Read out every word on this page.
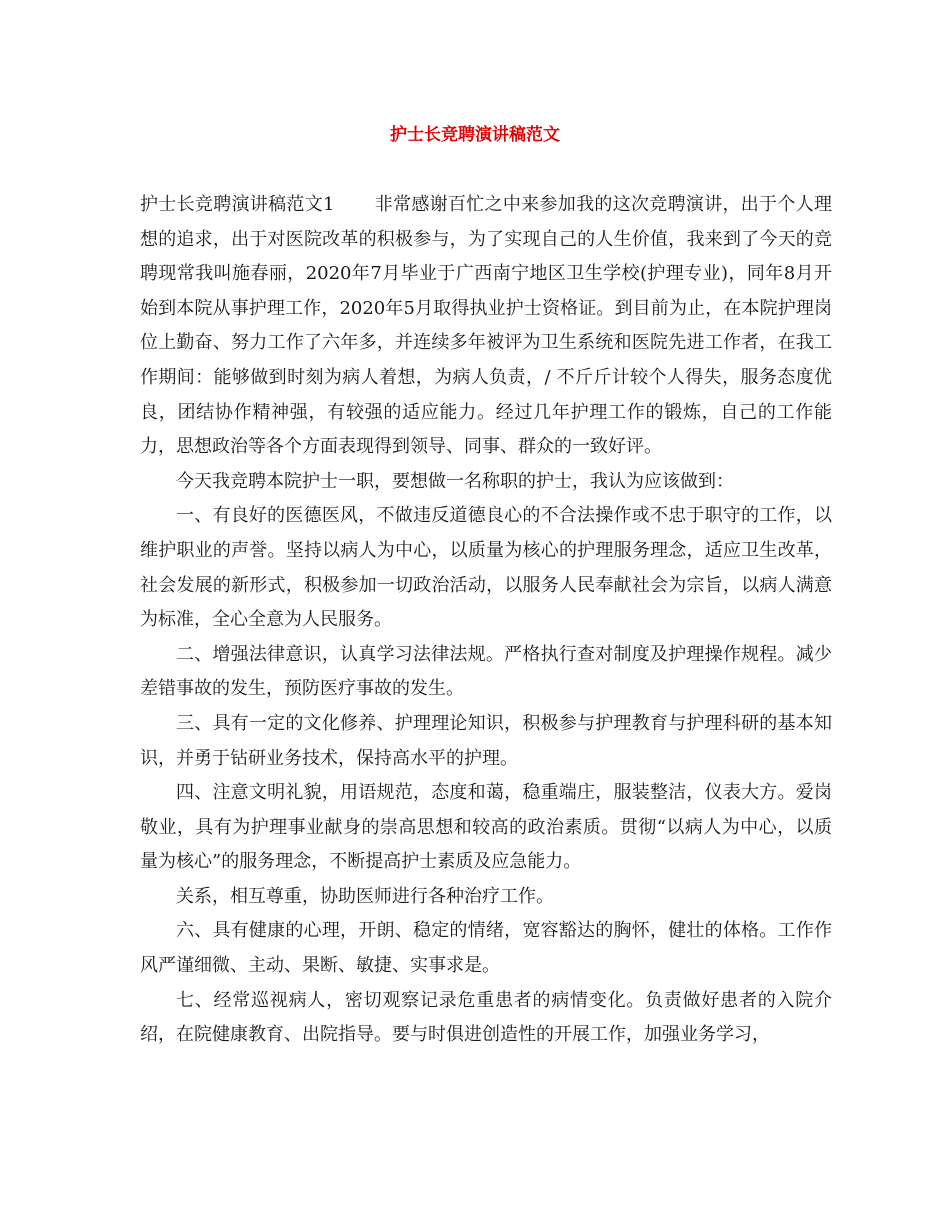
护士长竞聘演讲稿范文

护士长竞聘演讲稿范文1 非常感谢百忙之中来参加我的这次竞聘演讲，出于个人理想的追求，出于对医院改革的积极参与，为了实现自己的人生价值，我来到了今天的竞聘现常我叫施春丽，2020年7月毕业于广西南宁地区卫生学校(护理专业)，同年8月开始到本院从事护理工作，2020年5月取得执业护士资格证。到目前为止，在本院护理岗位上勤奋、努力工作了六年多，并连续多年被评为卫生系统和医院先进工作者，在我工作期间：能够做到时刻为病人着想，为病人负责，/ 不斤斤计较个人得失，服务态度优良，团结协作精神强，有较强的适应能力。经过几年护理工作的锻炼，自己的工作能力，思想政治等各个方面表现得到领导、同事、群众的一致好评。

今天我竞聘本院护士一职，要想做一名称职的护士，我认为应该做到：

一、有良好的医德医风，不做违反道德良心的不合法操作或不忠于职守的工作，以维护职业的声誉。坚持以病人为中心，以质量为核心的护理服务理念，适应卫生改革，社会发展的新形式，积极参加一切政治活动，以服务人民奉献社会为宗旨，以病人满意为标准，全心全意为人民服务。

二、增强法律意识，认真学习法律法规。严格执行查对制度及护理操作规程。减少差错事故的发生，预防医疗事故的发生。

三、具有一定的文化修养、护理理论知识，积极参与护理教育与护理科研的基本知识，并勇于钻研业务技术，保持高水平的护理。

四、注意文明礼貌，用语规范，态度和蔼，稳重端庄，服装整洁，仪表大方。爱岗敬业，具有为护理事业献身的崇高思想和较高的政治素质。贯彻“以病人为中心，以质量为核心”的服务理念，不断提高护士素质及应急能力。

关系，相互尊重，协助医师进行各种治疗工作。

六、具有健康的心理，开朗、稳定的情绪，宽容豁达的胸怀，健壮的体格。工作作风严谨细微、主动、果断、敏捷、实事求是。

七、经常巡视病人，密切观察记录危重患者的病情变化。负责做好患者的入院介绍，在院健康教育、出院指导。要与时俱进创造性的开展工作，加强业务学习，
